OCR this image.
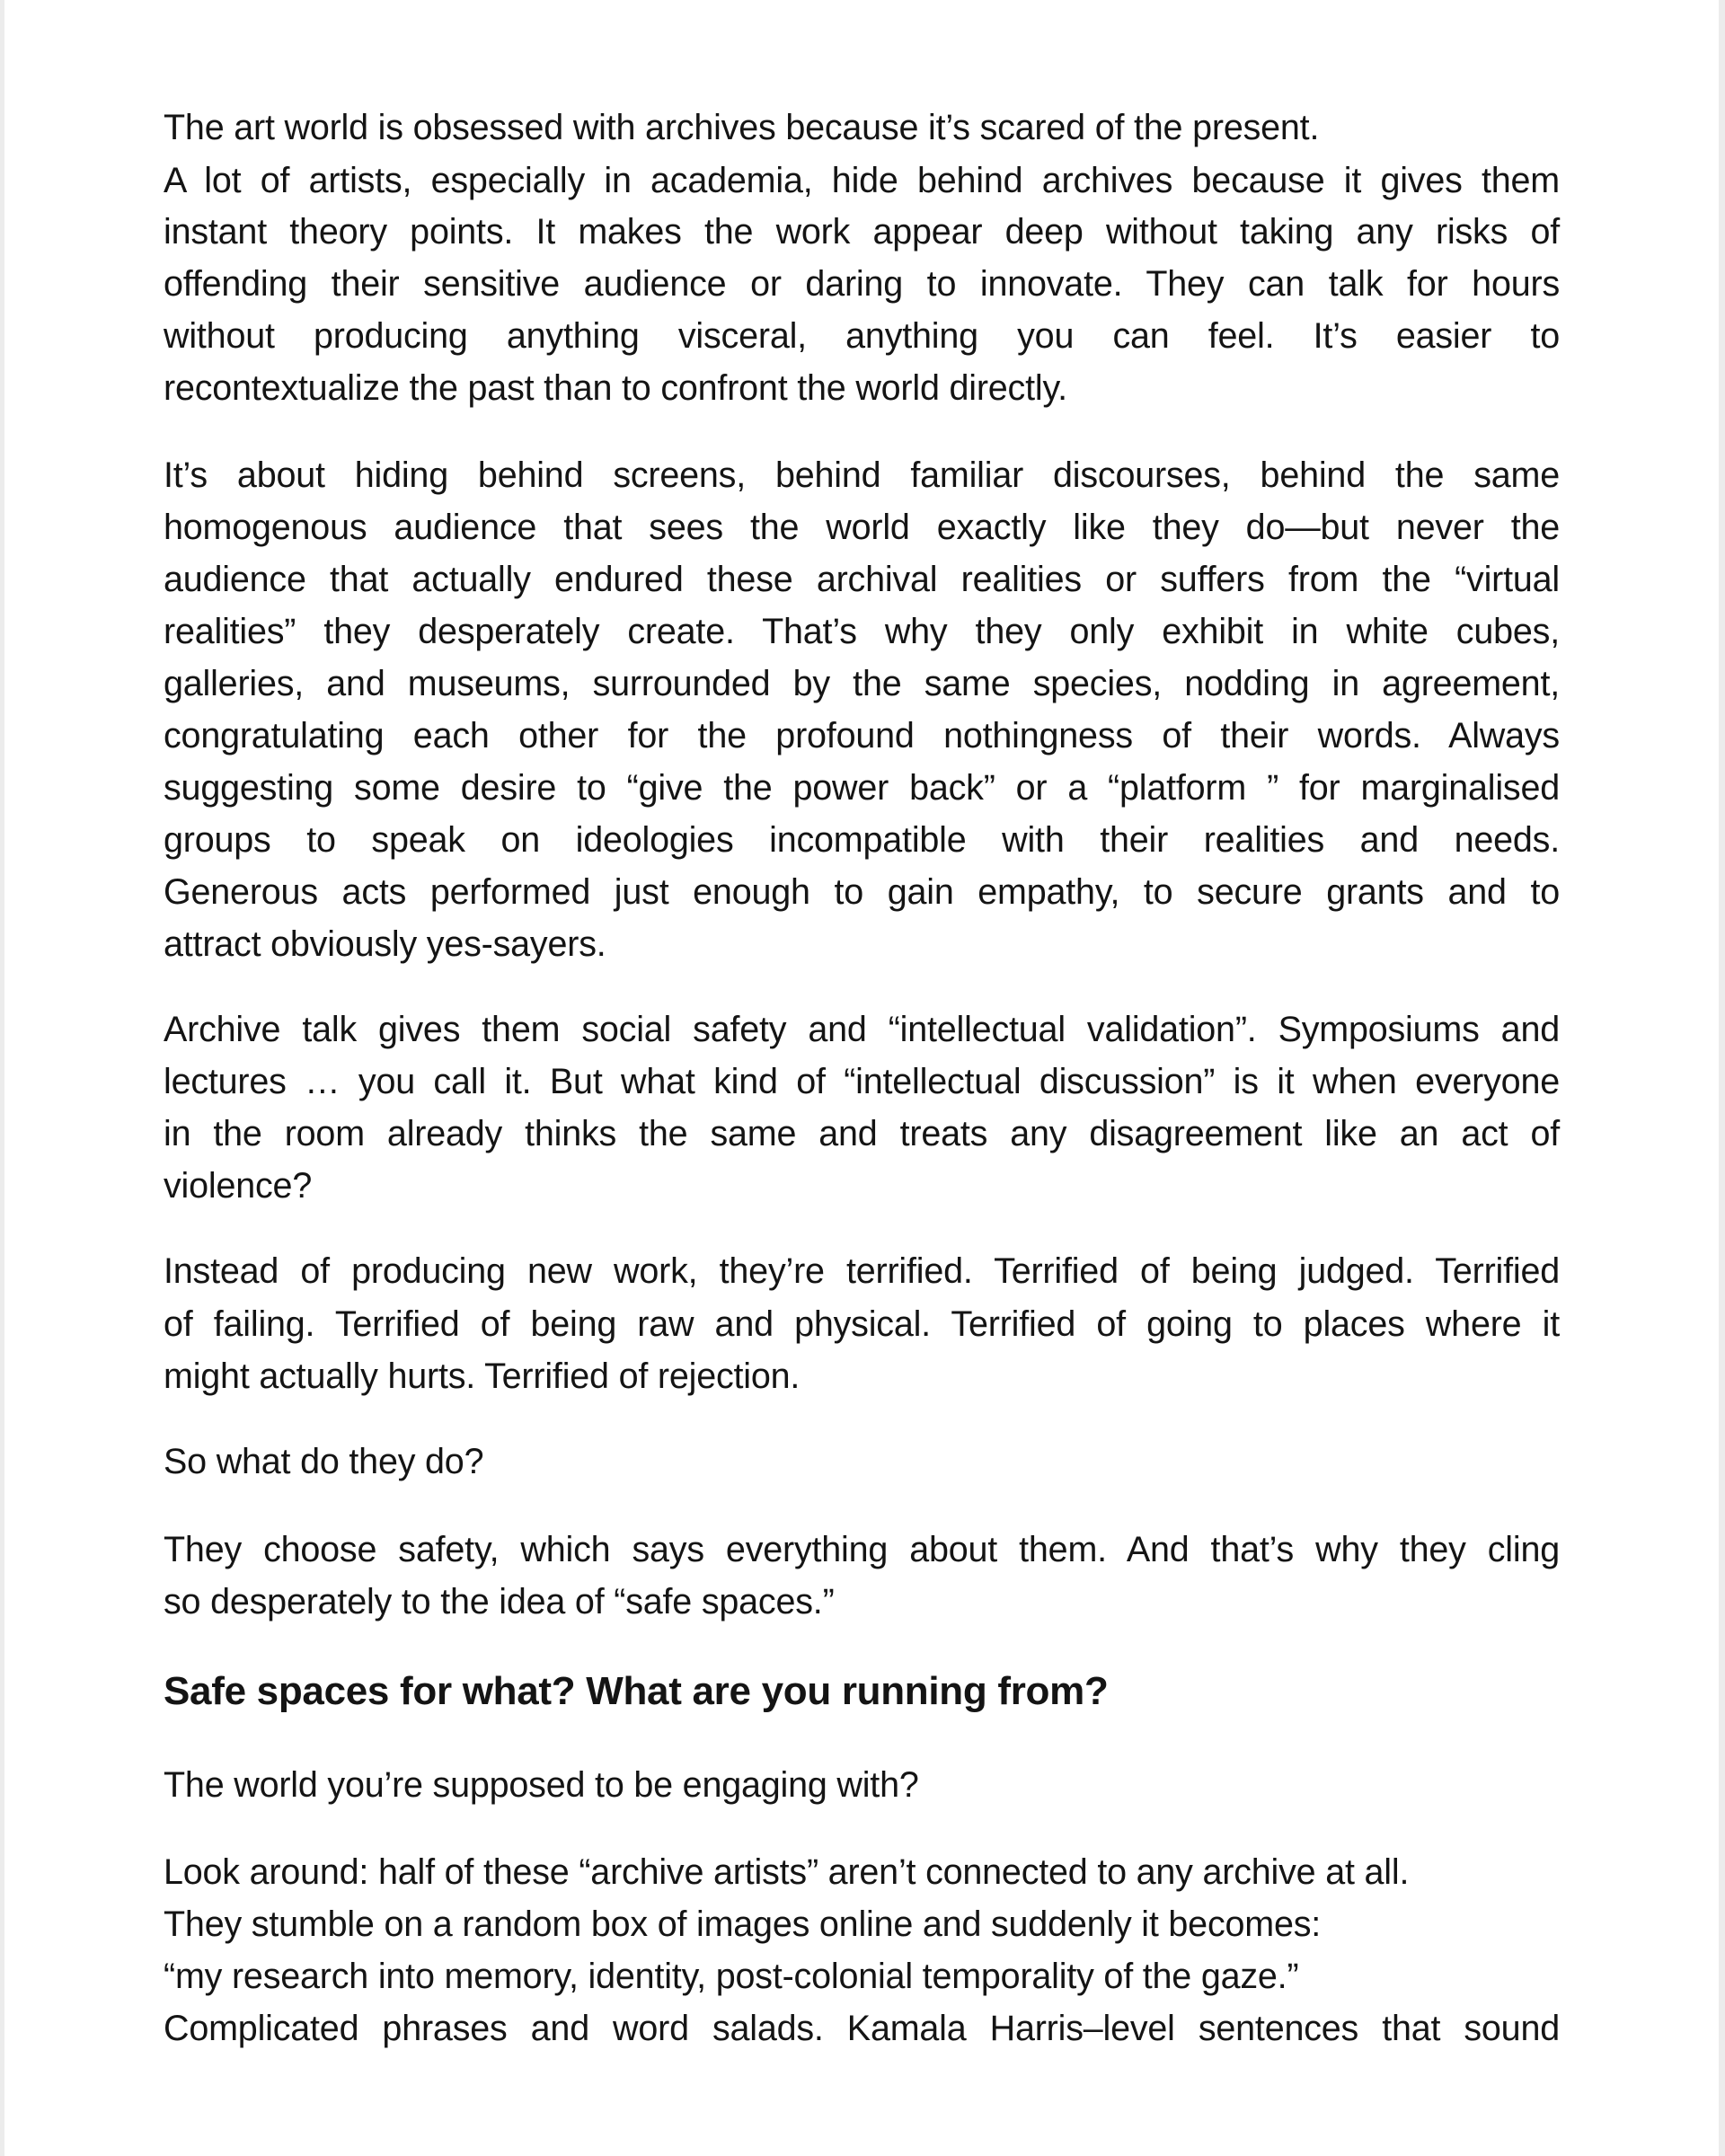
The art world is obsessed with archives because it’s scared of the present.
A lot of artists, especially in academia, hide behind archives because it gives them
instant theory points. It makes the work appear deep without taking any risks of
offending their sensitive audience or daring to innovate. They can talk for hours
without producing anything visceral, anything you can feel. It’s easier to
recontextualize the past than to confront the world directly.
It’s about hiding behind screens, behind familiar discourses, behind the same
homogenous audience that sees the world exactly like they do—but never the
audience that actually endured these archival realities or suffers from the “virtual
realities” they desperately create. That’s why they only exhibit in white cubes,
galleries, and museums, surrounded by the same species, nodding in agreement,
congratulating each other for the profound nothingness of their words. Always
suggesting some desire to “give the power back” or a “platform ” for marginalised
groups to speak on ideologies incompatible with their realities and needs.
Generous acts performed just enough to gain empathy, to secure grants and to
attract obviously yes-sayers.
Archive talk gives them social safety and “intellectual validation”. Symposiums and
lectures … you call it. But what kind of “intellectual discussion” is it when everyone
in the room already thinks the same and treats any disagreement like an act of
violence?
Instead of producing new work, they’re terrified. Terrified of being judged. Terrified
of failing. Terrified of being raw and physical. Terrified of going to places where it
might actually hurts. Terrified of rejection.
So what do they do?
They choose safety, which says everything about them. And that’s why they cling
so desperately to the idea of “safe spaces.”
Safe spaces for what? What are you running from?
The world you’re supposed to be engaging with?
Look around: half of these “archive artists” aren’t connected to any archive at all.
They stumble on a random box of images online and suddenly it becomes:
“my research into memory, identity, post-colonial temporality of the gaze.”
Complicated phrases and word salads. Kamala Harris–level sentences that sound
